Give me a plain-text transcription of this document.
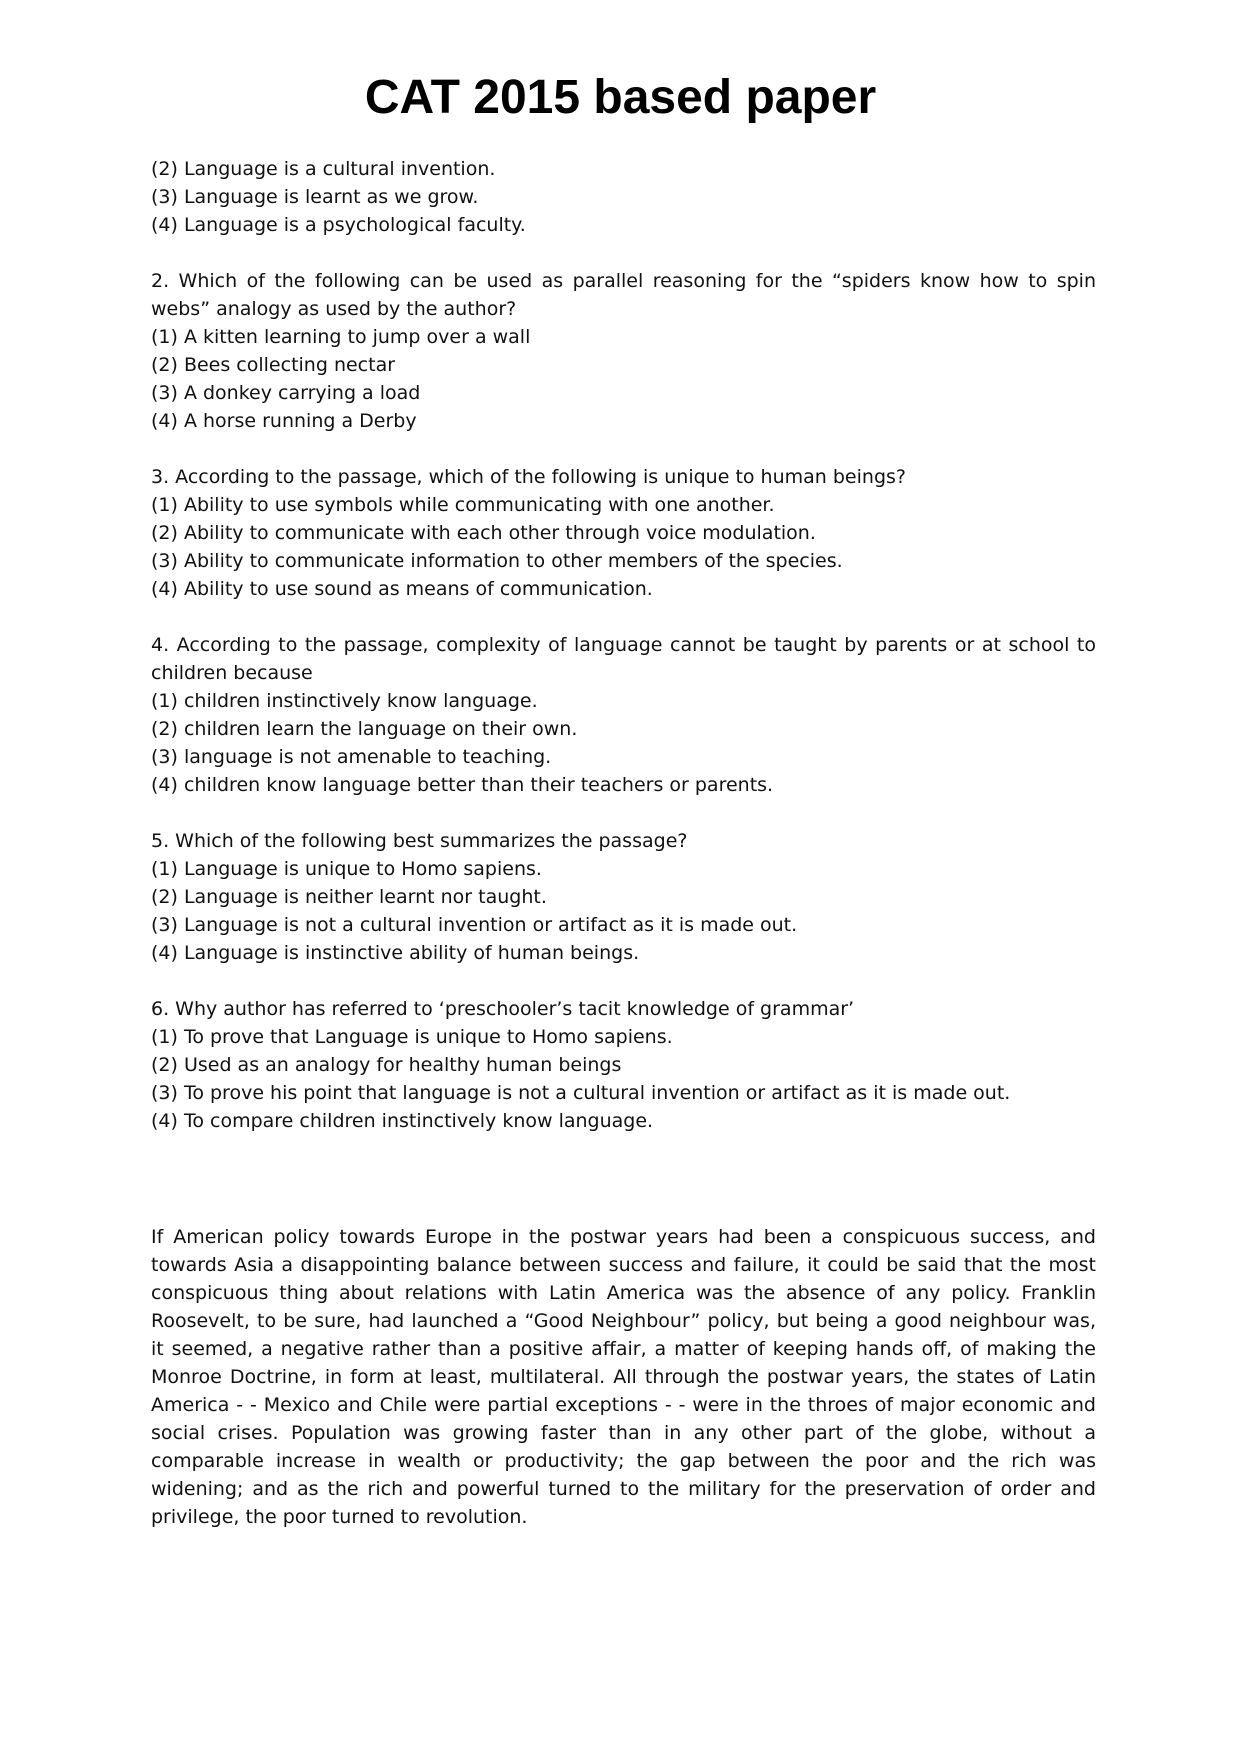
CAT 2015 based paper

(2) Language is a cultural invention.

(3) Language is learnt as we grow.

(4) Language is a psychological faculty.

2. Which of the following can be used as parallel reasoning for the “spiders know how to spin webs” analogy as used by the author?

(1) A kitten learning to jump over a wall

(2) Bees collecting nectar

(3) A donkey carrying a load

(4) A horse running a Derby

3. According to the passage, which of the following is unique to human beings?

(1) Ability to use symbols while communicating with one another.

(2) Ability to communicate with each other through voice modulation.

(3) Ability to communicate information to other members of the species.

(4) Ability to use sound as means of communication.

4. According to the passage, complexity of language cannot be taught by parents or at school to children because

(1) children instinctively know language.

(2) children learn the language on their own.

(3) language is not amenable to teaching.

(4) children know language better than their teachers or parents.

5. Which of the following best summarizes the passage?

(1) Language is unique to Homo sapiens.

(2) Language is neither learnt nor taught.

(3) Language is not a cultural invention or artifact as it is made out.

(4) Language is instinctive ability of human beings.

6. Why author has referred to ‘preschooler’s tacit knowledge of grammar’

(1) To prove that Language is unique to Homo sapiens.

(2) Used as an analogy for healthy human beings

(3) To prove his point that language is not a cultural invention or artifact as it is made out.

(4) To compare children instinctively know language.

If American policy towards Europe in the postwar years had been a conspicuous success, and towards Asia a disappointing balance between success and failure, it could be said that the most conspicuous thing about relations with Latin America was the absence of any policy. Franklin Roosevelt, to be sure, had launched a “Good Neighbour” policy, but being a good neighbour was, it seemed, a negative rather than a positive affair, a matter of keeping hands off, of making the Monroe Doctrine, in form at least, multilateral. All through the postwar years, the states of Latin America - - Mexico and Chile were partial exceptions - - were in the throes of major economic and social crises. Population was growing faster than in any other part of the globe, without a comparable increase in wealth or productivity; the gap between the poor and the rich was widening; and as the rich and powerful turned to the military for the preservation of order and privilege, the poor turned to revolution.
